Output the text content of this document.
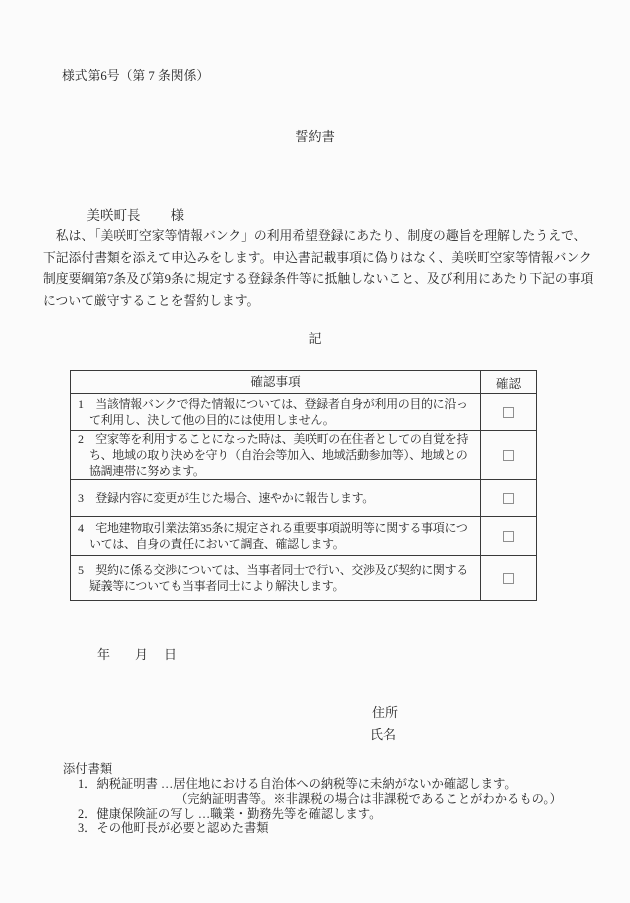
様式第6号（第 7 条関係）
誓約書

美咲町長 様

　私は、「美咲町空家等情報バンク」の利用希望登録にあたり、制度の趣旨を理解したうえで、
下記添付書類を添えて申込みをします。申込書記載事項に偽りはなく、美咲町空家等情報バンク
制度要綱第7条及び第9条に規定する登録条件等に抵触しないこと、及び利用にあたり下記の事項
について厳守することを誓約します。
記
確認事項	確認
1　当該情報バンクで得た情報については、登録者自身が利用の目的に沿っ
て利用し、決して他の目的には使用しません。
2　空家等を利用することになった時は、美咲町の在住者としての自覚を持
ち、地域の取り決めを守り（自治会等加入、地域活動参加等）、地域との
協調連帯に努めます。
3　登録内容に変更が生じた場合、速やかに報告します。
4　宅地建物取引業法第35条に規定される重要事項説明等に関する事項につ
いては、自身の責任において調査、確認します。
5　契約に係る交渉については、当事者同士で行い、交渉及び契約に関する
疑義等についても当事者同士により解決します。
年 月 日
住所
氏名
添付書類
1．納税証明書 …居住地における自治体への納税等に未納がないか確認します。
（完納証明書等。※非課税の場合は非課税であることがわかるもの。）
2．健康保険証の写し …職業・勤務先等を確認します。
3．その他町長が必要と認めた書類
